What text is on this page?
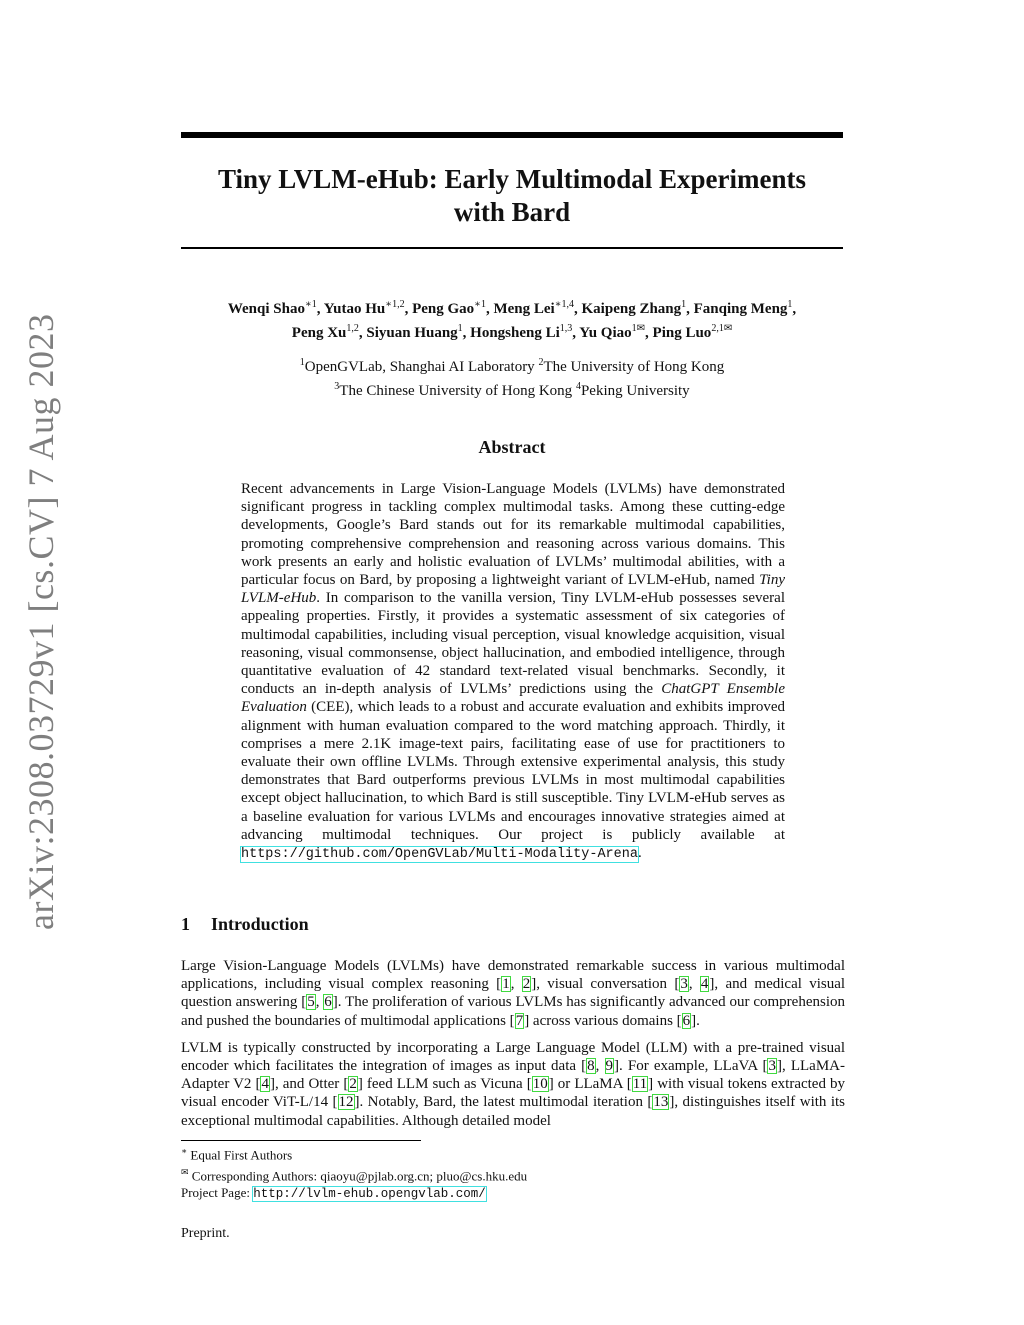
arXiv:2308.03729v1 [cs.CV] 7 Aug 2023
Tiny LVLM-eHub: Early Multimodal Experiments
with Bard
Wenqi Shao$^{∗1}$, Yutao $Hu^{∗1,2}$, Peng Gao$^{∗1}$, Meng Lei$^{∗1,4}$, Kaipeng Zhang$^1$, Fanqing Meng$^1$,
Peng Xu$^{1,2}$, Siyuan Huang$^1$, Hongsheng Li$^{1,3}$, Yu Qiao$^{1✉}$, Ping Luo$^{2,1✉}$
$^1$OpenGVLab, Shanghai AI Laboratory $^2$The University of Hong Kong
$^3$The Chinese University of Hong Kong $^4$Peking University
Abstract
Recent advancements in Large Vision-Language Models (LVLMs) have demonstrated significant progress in tackling complex multimodal tasks. Among these cutting-edge developments, Google’s Bard stands out for its remarkable multimodal capabilities, promoting comprehensive comprehension and reasoning across various domains. This work presents an early and holistic evaluation of LVLMs’ multimodal abilities, with a particular focus on Bard, by proposing a lightweight variant of LVLM-eHub, named Tiny LVLM-eHub. In comparison to the vanilla version, Tiny LVLM-eHub possesses several appealing properties. Firstly, it provides a systematic assessment of six categories of multimodal capabilities, including visual perception, visual knowledge acquisition, visual reasoning, visual commonsense, object hallucination, and embodied intelligence, through quantitative evaluation of 42 standard text-related visual benchmarks. Secondly, it conducts an in-depth analysis of LVLMs’ predictions using the ChatGPT Ensemble Evaluation (CEE), which leads to a robust and accurate evaluation and exhibits improved alignment with human evaluation compared to the word matching approach. Thirdly, it comprises a mere 2.1K image-text pairs, facilitating ease of use for practitioners to evaluate their own offline LVLMs. Through extensive experimental analysis, this study demonstrates that Bard outperforms previous LVLMs in most multimodal capabilities except object hallucination, to which Bard is still susceptible. Tiny LVLM-eHub serves as a baseline evaluation for various LVLMs and encourages innovative strategies aimed at advancing multimodal techniques. Our project is publicly available at https://github.com/OpenGVLab/Multi-Modality-Arena.
1 Introduction

Large Vision-Language Models (LVLMs) have demonstrated remarkable success in various multimodal applications, including visual complex reasoning [1, 2], visual conversation [3, 4], and medical visual question answering [5, 6]. The proliferation of various LVLMs has significantly advanced our comprehension and pushed the boundaries of multimodal applications [7] across various domains [6].

LVLM is typically constructed by incorporating a Large Language Model (LLM) with a pre-trained visual encoder which facilitates the integration of images as input data [8, 9]. For example, LLaVA [3], LLaMA-Adapter V2 [4], and Otter [2] feed LLM such as Vicuna [10] or LLaMA [11] with visual tokens extracted by visual encoder ViT-L/14 [12]. Notably, Bard, the latest multimodal iteration [13], distinguishes itself with its exceptional multimodal capabilities. Although detailed model

∗ Equal First Authors
✉ Corresponding Authors: qiaoyu@pjlab.org.cn; pluo@cs.hku.edu
Project Page: http://lvlm-ehub.opengvlab.com/
Preprint.
